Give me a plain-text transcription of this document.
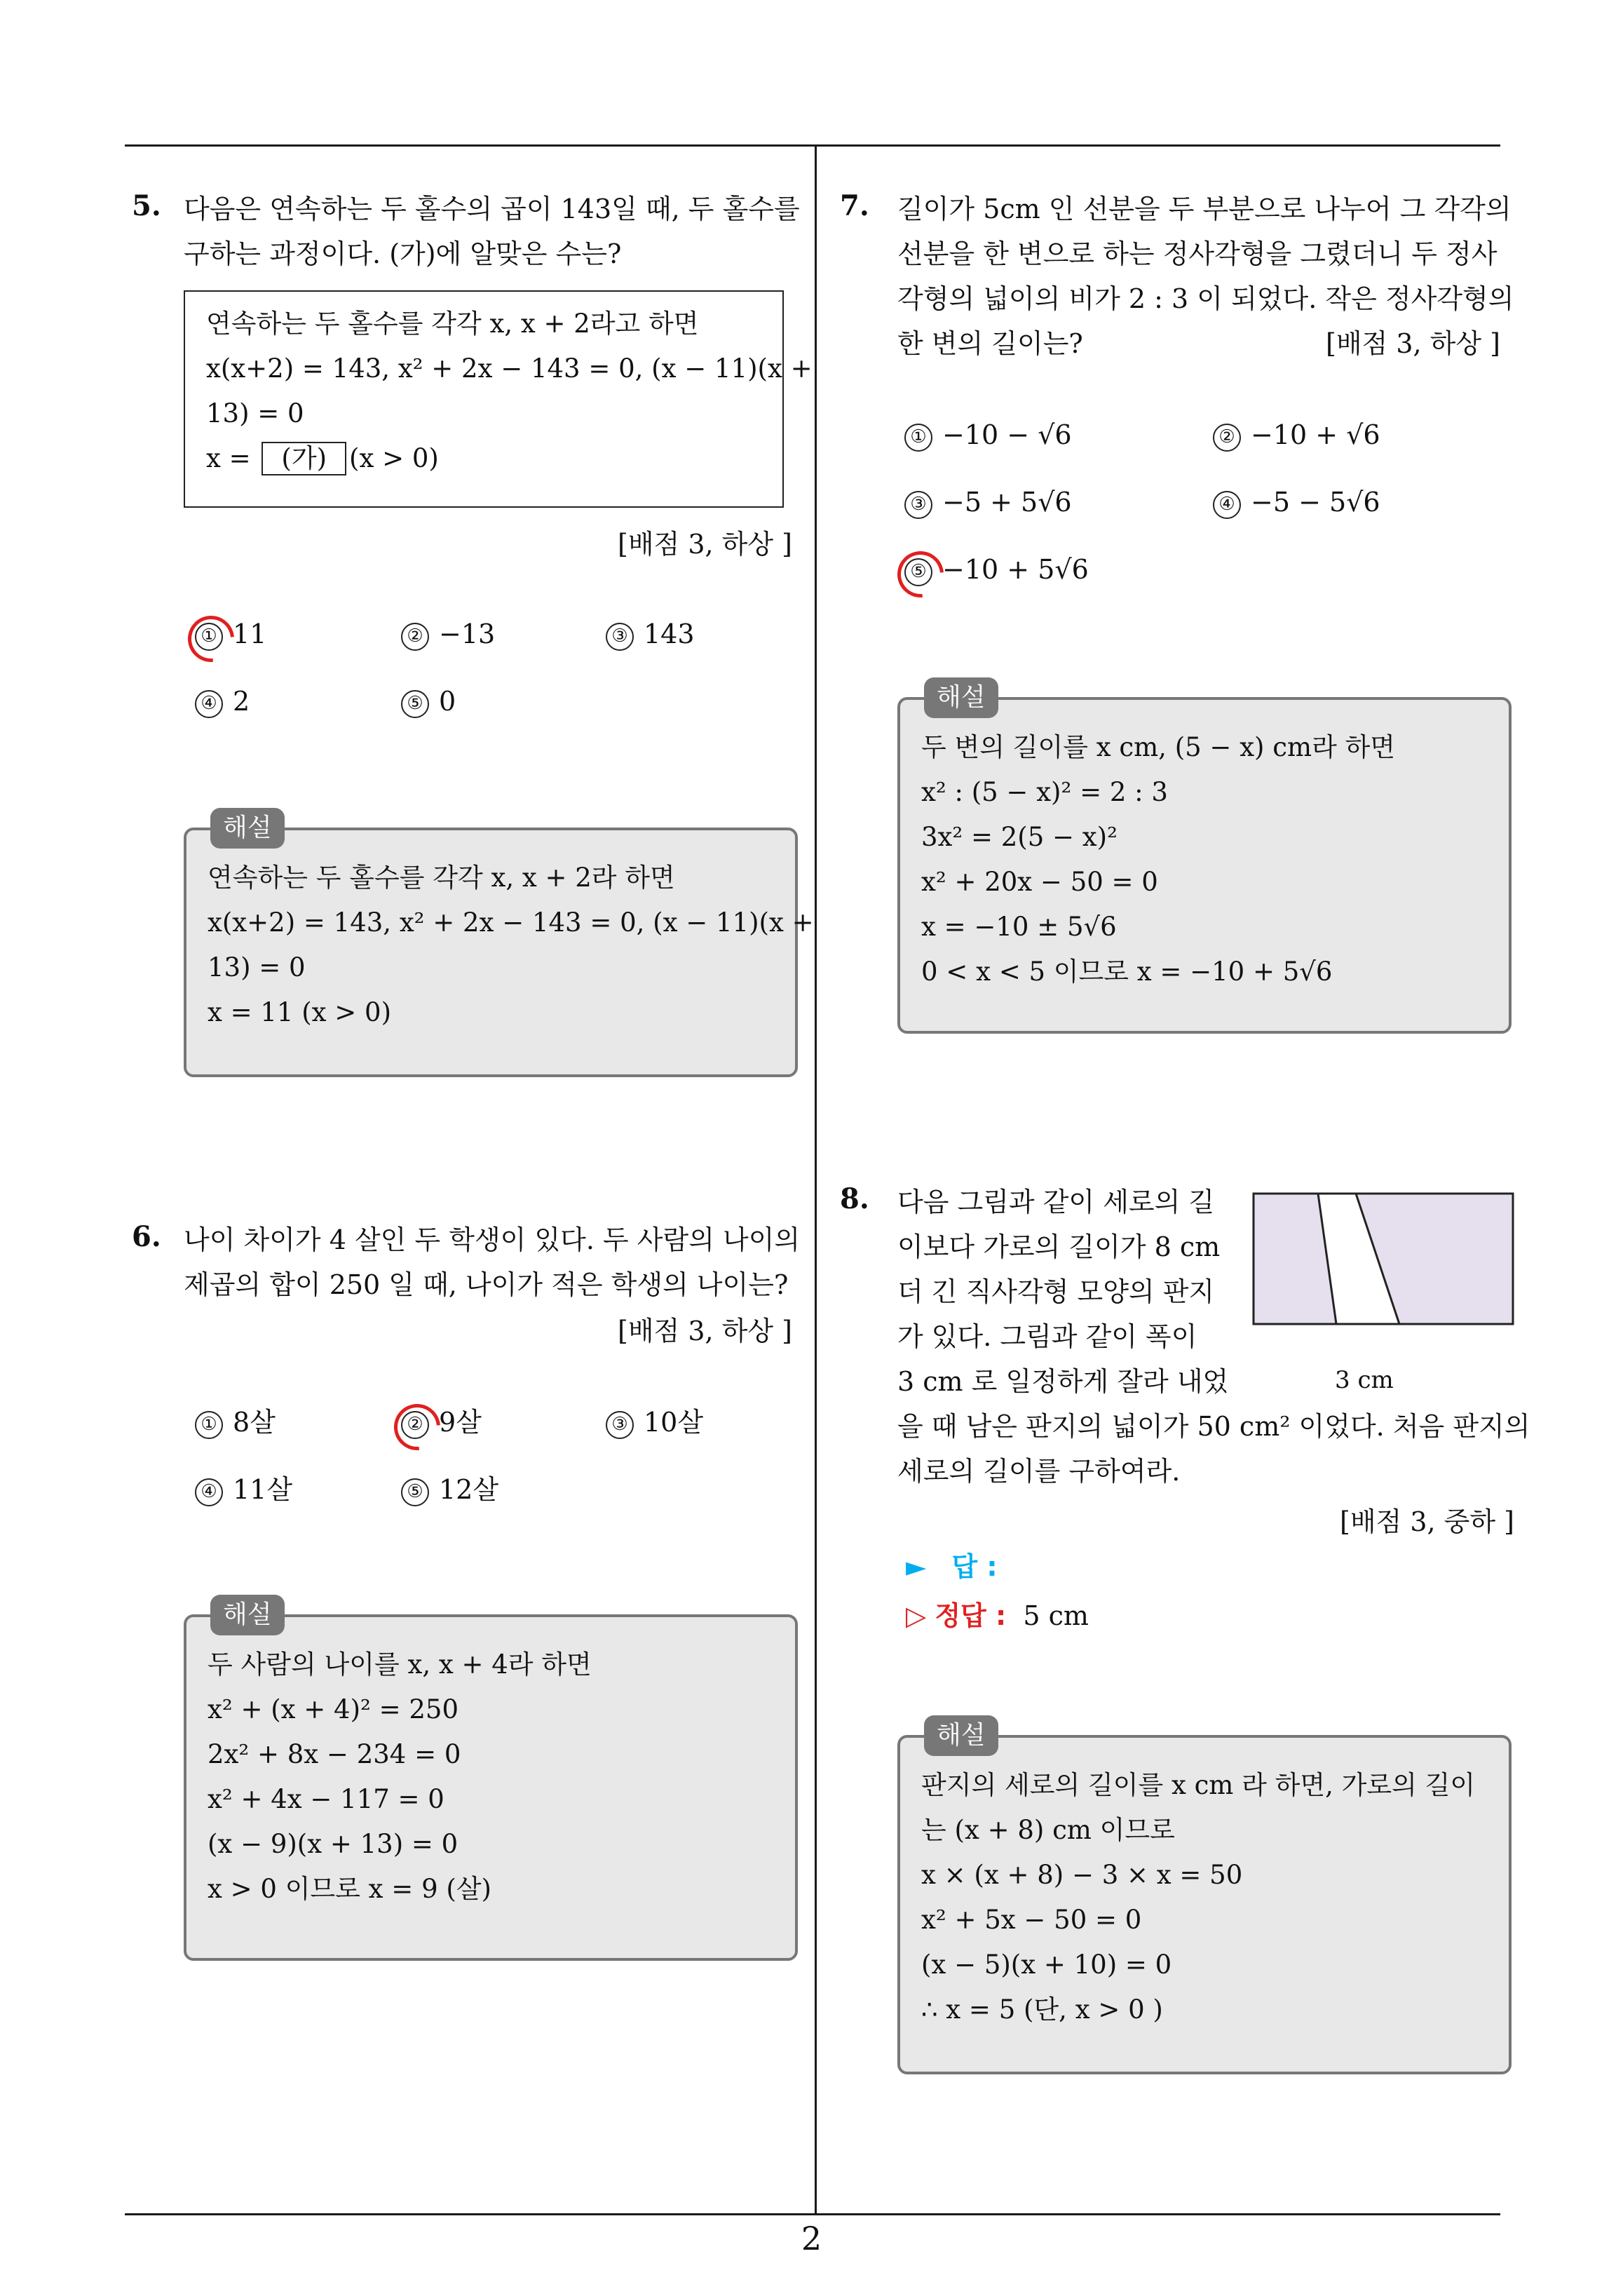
5. 다음은 연속하는 두 홀수의 곱이 143일 때, 두 홀수를
구하는 과정이다. (가)에 알맞은 수는?
연속하는 두 홀수를 각각 x, x + 2라고 하면
x(x+2) = 143, x² + 2x − 143 = 0, (x − 11)(x +
13) = 0
x = (가) (x > 0)
[배점 3, 하상 ]
① 11	② −13	③ 143
④ 2	⑤ 0
해설
연속하는 두 홀수를 각각 x, x + 2라 하면
x(x+2) = 143, x² + 2x − 143 = 0, (x − 11)(x +
13) = 0
x = 11 (x > 0)
6. 나이 차이가 4 살인 두 학생이 있다. 두 사람의 나이의
제곱의 합이 250 일 때, 나이가 적은 학생의 나이는?
[배점 3, 하상 ]
① 8살	② 9살	③ 10살
④ 11살	⑤ 12살
해설
두 사람의 나이를 x, x + 4라 하면
x² + (x + 4)² = 250
2x² + 8x − 234 = 0
x² + 4x − 117 = 0
(x − 9)(x + 13) = 0
x > 0 이므로 x = 9 (살)
7. 길이가 5cm 인 선분을 두 부분으로 나누어 그 각각의
선분을 한 변으로 하는 정사각형을 그렸더니 두 정사
각형의 넓이의 비가 2 : 3 이 되었다. 작은 정사각형의
한 변의 길이는?	[배점 3, 하상 ]
① −10 − √6	② −10 + √6
③ −5 + 5√6	④ −5 − 5√6
⑤ −10 + 5√6
해설
두 변의 길이를 x cm, (5 − x) cm라 하면
x² : (5 − x)² = 2 : 3
3x² = 2(5 − x)²
x² + 20x − 50 = 0
x = −10 ± 5√6
0 < x < 5 이므로 x = −10 + 5√6
8. 다음 그림과 같이 세로의 길
이보다 가로의 길이가 8 cm
더 긴 직사각형 모양의 판지
가 있다. 그림과 같이 폭이
3 cm 로 일정하게 잘라 내었
을 때 남은 판지의 넓이가 50 cm² 이었다. 처음 판지의
세로의 길이를 구하여라.
3 cm
[배점 3, 중하 ]
► 답 :
▷ 정답 : 5 cm
해설
판지의 세로의 길이를 x cm 라 하면, 가로의 길이
는 (x + 8) cm 이므로
x × (x + 8) − 3 × x = 50
x² + 5x − 50 = 0
(x − 5)(x + 10) = 0
∴ x = 5 (단, x > 0 )
2
